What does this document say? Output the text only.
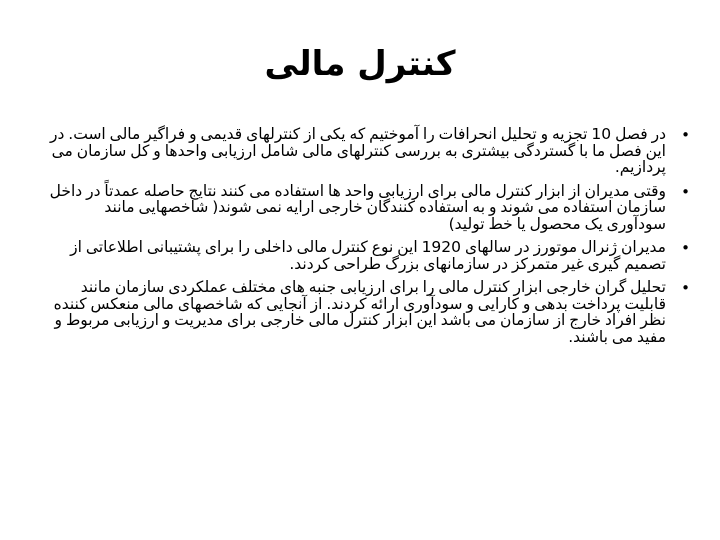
کنترل مالی
•
در فصل 10 تجزیه و تحلیل انحرافات را آموختیم که یکی از کنترلهای قدیمی و فراگیر مالی است. در این فصل ما با گستردگی بیشتری به بررسی کنترلهای مالی شامل ارزیابی واحدها و کل سازمان می پردازیم.
•
وقتی مدیران از ابزار کنترل مالی برای ارزیابی واحد ها استفاده می کنند نتایج حاصله عمدتاً در داخل سازمان استفاده می شوند و به استفاده کنندگان خارجی ارایه نمی شوند( شاخصهایی مانند سودآوری یک محصول یا خط تولید)
•
مدیران ژنرال موتورز در سالهای 1920 این نوع کنترل مالی داخلی را برای پشتیبانی اطلاعاتی از تصمیم گیری غیر متمرکز در سازمانهای بزرگ طراحی کردند.
•
تحلیل گران خارجی ابزار کنترل مالی را برای ارزیابی جنبه های مختلف عملکردی سازمان مانند قابلیت پرداخت بدهی و کارایی و سودآوری ارائه کردند. از آنجایی که شاخصهای مالی منعکس کننده نظر افراد خارج از سازمان می باشد این ابزار کنترل مالی خارجی برای مدیریت و ارزیابی مربوط و مفید می باشند.
